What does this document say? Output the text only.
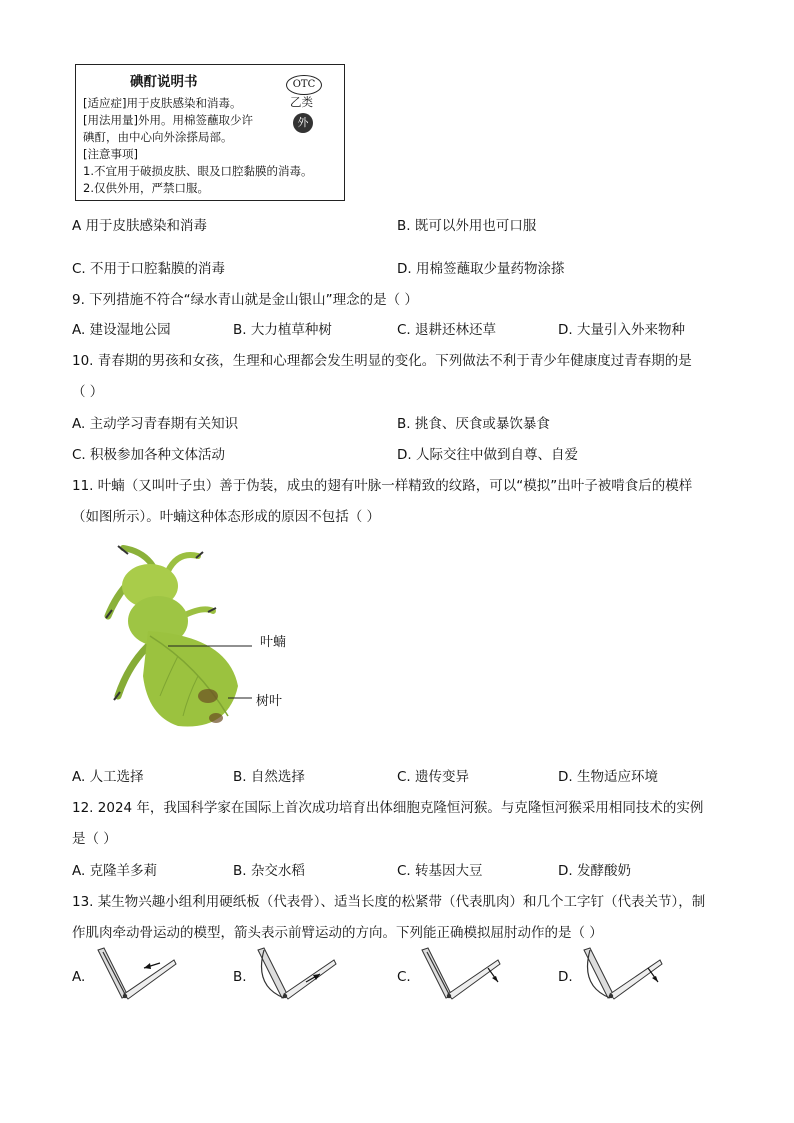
碘酊说明书	OTC
乙类
外
[适应症]用于皮肤感染和消毒。
[用法用量]外用。用棉签蘸取少许
碘酊，由中心向外涂搽局部。
[注意事项]
1.不宜用于破损皮肤、眼及口腔黏膜的消毒。
2.仅供外用，严禁口服。
A 用于皮肤感染和消毒	B. 既可以外用也可口服
C. 不用于口腔黏膜的消毒	D. 用棉签蘸取少量药物涂搽
9. 下列措施不符合“绿水青山就是金山银山”理念的是（ ）
A. 建设湿地公园	B. 大力植草种树	C. 退耕还林还草	D. 大量引入外来物种
10. 青春期的男孩和女孩，生理和心理都会发生明显的变化。下列做法不利于青少年健康度过青春期的是
（ ）
A. 主动学习青春期有关知识	B. 挑食、厌食或暴饮暴食
C. 积极参加各种文体活动	D. 人际交往中做到自尊、自爱
11. 叶蝻（又叫叶子虫）善于伪装，成虫的翅有叶脉一样精致的纹路，可以“模拟”出叶子被啃食后的模样
（如图所示）。叶蝻这种体态形成的原因不包括（ ）
叶蝻
树叶
A. 人工选择	B. 自然选择	C. 遗传变异	D. 生物适应环境
12. 2024 年，我国科学家在国际上首次成功培育出体细胞克隆恒河猴。与克隆恒河猴采用相同技术的实例
是（ ）
A. 克隆羊多莉	B. 杂交水稻	C. 转基因大豆	D. 发酵酸奶
13. 某生物兴趣小组利用硬纸板（代表骨）、适当长度的松紧带（代表肌肉）和几个工字钉（代表关节），制
作肌肉牵动骨运动的模型，箭头表示前臂运动的方向。下列能正确模拟屈肘动作的是（ ）
A.	B.	C.	D.
